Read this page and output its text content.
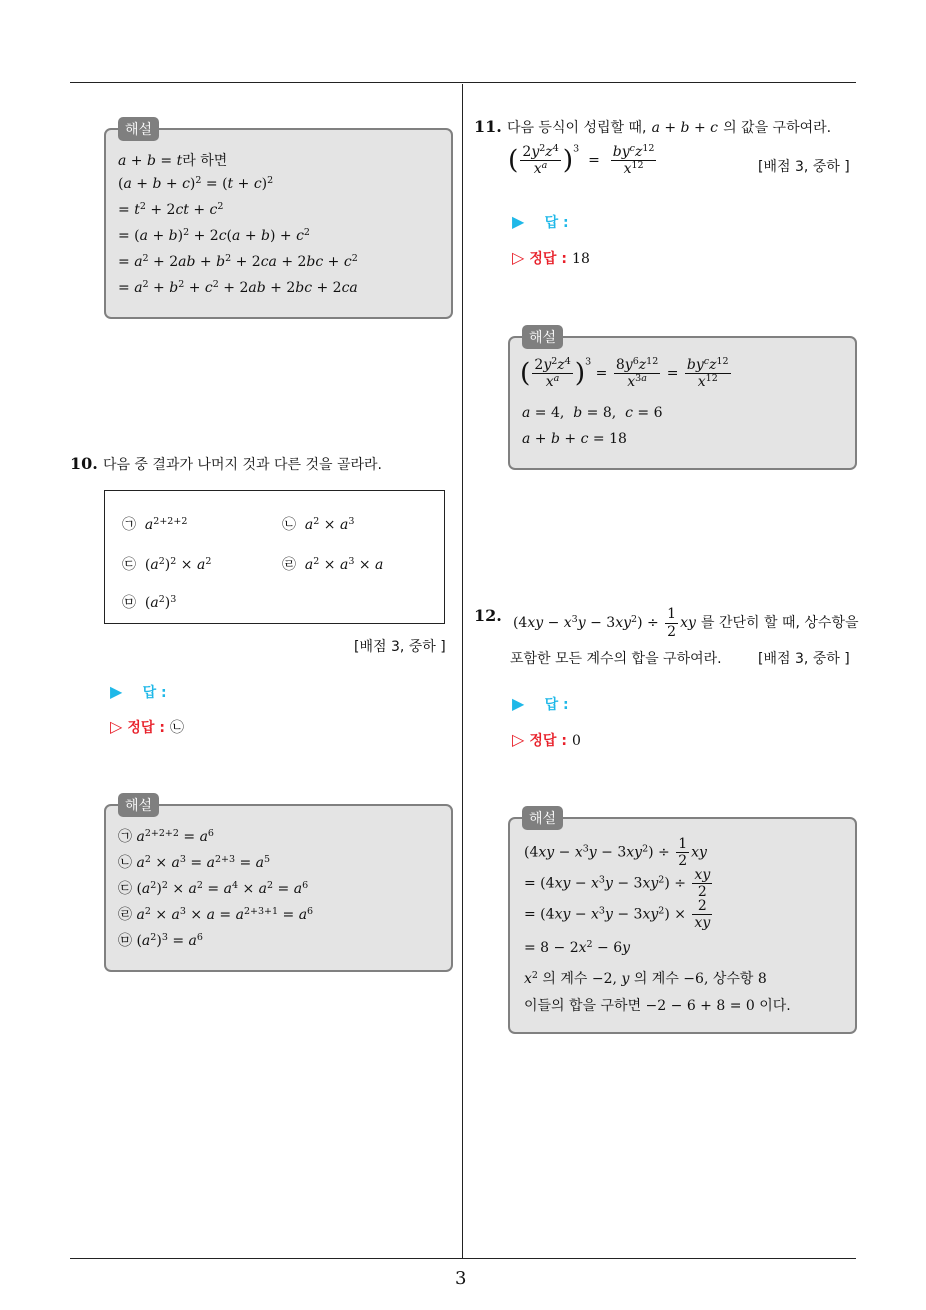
3
해설
a + b = t라 하면
$(a + b + c)^2 = (t + c)^2$
= $t^2 + 2ct + c^2$
= $(a + b)^2 + 2c(a + b) + c^2$
= $a^2 + 2ab + b^2 + 2ca + 2bc + c^2$
= $a^2 + b^2 + c^2 + 2ab + 2bc + 2ca$
10. 다음 중 결과가 나머지 것과 다른 것을 골라라.
㉠ $a^{2+2+2}$	㉡ $a^2 \times a^3$
㉢  $(a^2)^2 \times a^2$	㉣ $a^2 \times a^3 \times a$
㉤  $(a^2)^3$
[배점 3, 중하 ]
▶ 답 :
▷ 정답 : ㉡
해설
㉠ $a^{2+2+2} = a^6$
㉡ $a^2 \times a^3 = a^{2+3} = a^5$
㉢ $(a^2)^2 \times a^2 = a^4 \times a^2 = a^6$
㉣ $a^2 \times a^3 \times a = a^{2+3+1} = a^6$
㉤ $(a^2)^3 = a^6$
11. 다음 등식이 성립할 때, a + b + c 의 값을 구하여라.
( $\frac{2y^2z^4}{x^a} )^3 = \frac{by^cz^{12}}{x^{12}}$	[배점 3, 중하 ]
▶ 답 :
▷ 정답 : 18
해설
( $\frac{2y^2z^4}{x^a} )^3 = \frac{8y^6z^{12}}{x^{3a}} = \frac{by^cz^{12}}{x^{12}}$
a = 4,  b = 8,  c = 6
a + b + c = 18
12. $(4xy - x^3y - 3xy^2) \div \frac{1}{2}$ xy 를 간단히 할 때, 상수항을
포함한 모든 계수의 합을 구하여라.	[배점 3, 중하 ]
▶ 답 :
▷ 정답 : 0
해설
$(4xy - x^3y - 3xy^2) \div \frac{1}{2}$ xy
= $(4xy - x^3y - 3xy^2) \div \frac{xy}{2}$
= $(4xy - x^3y - 3xy^2) \times \frac{2}{xy}$
= $8 - 2x^2 - 6y$
$x^2$ 의 계수 −2, y 의 계수 −6, 상수항 8
이들의 합을 구하면 −2 − 6 + 8 = 0 이다.
